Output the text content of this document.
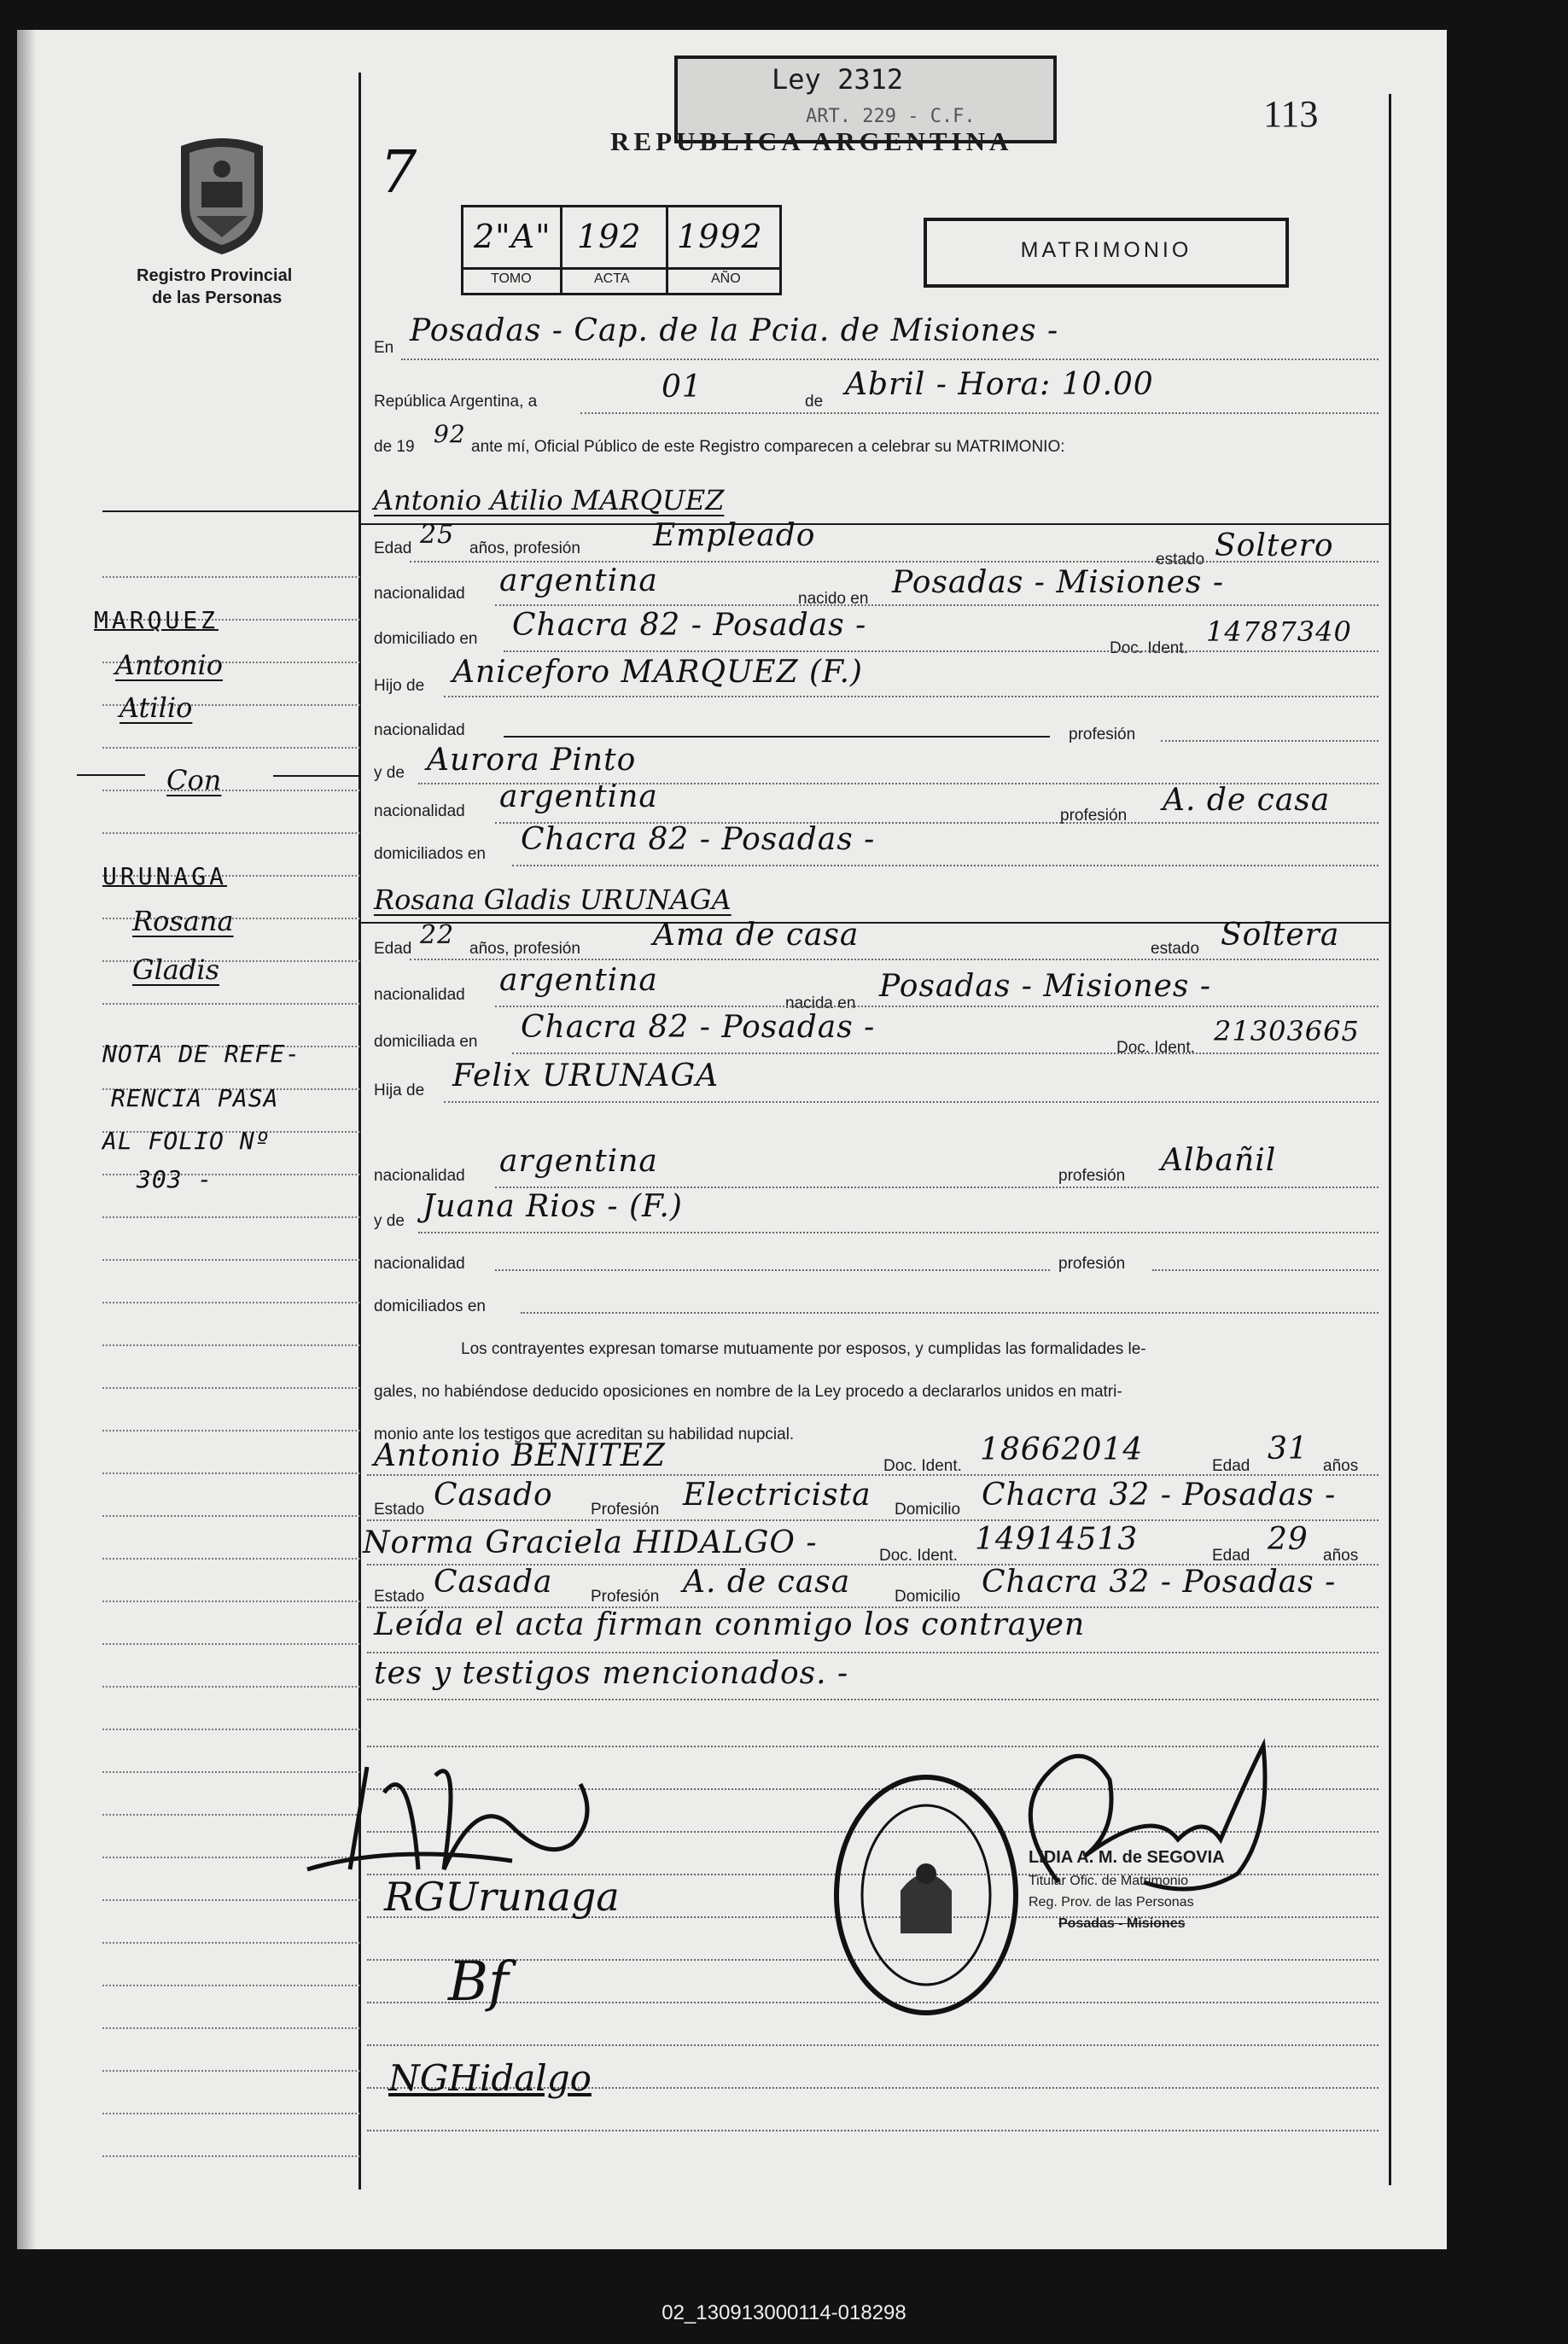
Registro Provincial
de las Personas
Ley 2312
ART. 229 - C.F.
REPUBLICA ARGENTINA
113
7
2"A" 192 1992
TOMO	ACTA	AÑO
MATRIMONIO
En Posadas - Cap. de la Pcia. de Misiones -
República Argentina, a	01	de Abril - Hora: 10.00
de 19 92 ante mí, Oficial Público de este Registro comparecen a celebrar su MATRIMONIO:
Antonio Atilio MARQUEZ
Edad 25 años, profesión Empleado
estado Soltero
nacionalidad argentina
nacido en Posadas - Misiones -
domiciliado en Chacra 82 - Posadas -
Doc. Ident.
14787340
Hijo de Aniceforo MARQUEZ (F.)
nacionalidad	profesión
y de Aurora Pinto
nacionalidad argentina
profesión A. de casa
domiciliados en Chacra 82 - Posadas -
Rosana Gladis URUNAGA
Edad 22 años, profesión Ama de casa	estado Soltera
nacionalidad argentina
nacida en Posadas - Misiones -
domiciliada en Chacra 82 - Posadas -
Doc. Ident.
21303665
Hija de Felix URUNAGA
nacionalidad argentina	profesión Albañil
y de Juana Rios - (F.)
nacionalidad	profesión
domiciliados en
Los contrayentes expresan tomarse mutuamente por esposos, y cumplidas las formalidades le-
gales, no habiéndose deducido oposiciones en nombre de la Ley procedo a declararlos unidos en matri-
monio ante los testigos que acreditan su habilidad nupcial.
Antonio BENITEZ	Doc. Ident. 18662014	Edad 31 años
Estado Casado Profesión Electricista Domicilio Chacra 32 - Posadas -
Norma Graciela HIDALGO -	Doc. Ident. 14914513	Edad 29 años
Estado Casada Profesión A. de casa	Domicilio Chacra 32 - Posadas -
Leída el acta firman conmigo los contrayen
tes y testigos mencionados. -
MARQUEZ
Antonio
Atilio
Con
URUNAGA
Rosana
Gladis
NOTA DE REFE-
RENCIA PASA
AL FOLIO Nº
303 -
RGUrunaga
Bf
NGHidalgo
LIDIA A. M. de SEGOVIA
Titular Ofic. de Matrimonio
Reg. Prov. de las Personas
Posadas - Misiones
02_130913000114-018298
